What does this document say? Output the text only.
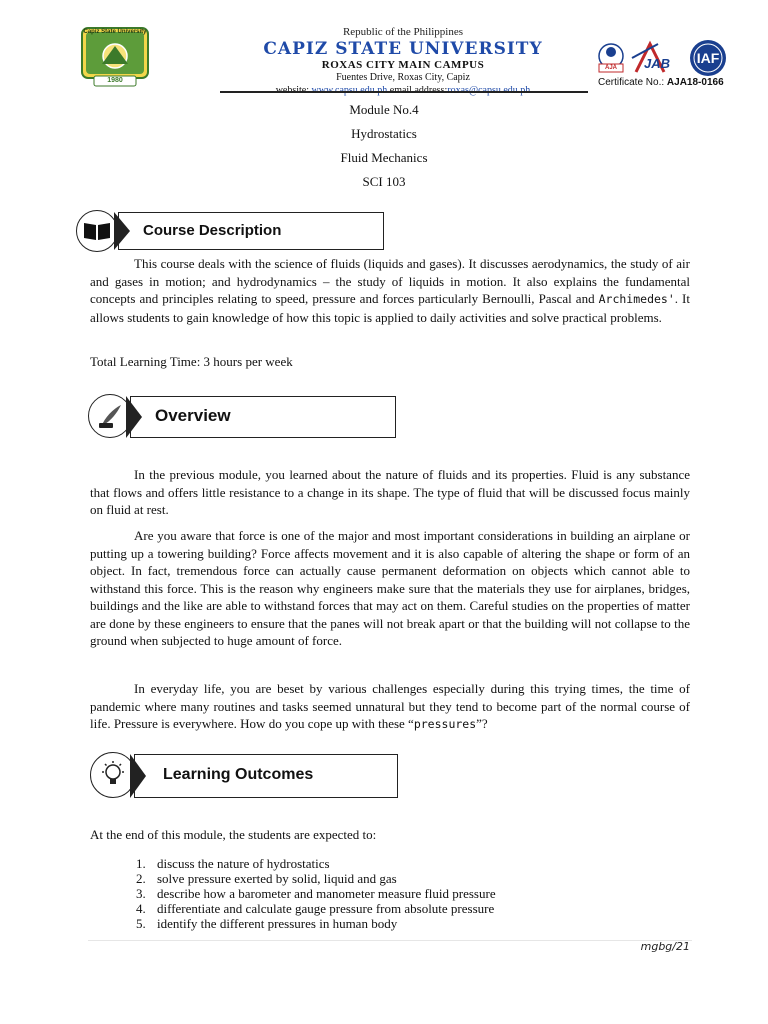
Capiz State University
1980
Republic of the Philippines
CAPIZ STATE UNIVERSITY
ROXAS CITY MAIN CAMPUS
Fuentes Drive, Roxas City, Capiz
AJA	JAB	IAF
Certificate No.: AJA18-0166
Module No.4
Hydrostatics
Fluid Mechanics
SCI 103
Course Description
This course deals with the science of fluids (liquids and gases). It discusses aerodynamics, the study of air and gases in motion; and hydrodynamics – the study of liquids in motion. It also explains the fundamental concepts and principles relating to speed, pressure and forces particularly Bernoulli, Pascal and Archimedes'. It allows students to gain knowledge of how this topic is applied to daily activities and solve practical problems.
Total Learning Time: 3 hours per week
Overview
In the previous module, you learned about the nature of fluids and its properties. Fluid is any substance that flows and offers little resistance to a change in its shape. The type of fluid that will be discussed focus mainly on fluid at rest.
Are you aware that force is one of the major and most important considerations in building an airplane or putting up a towering building? Force affects movement and it is also capable of altering the shape or form of an object. In fact, tremendous force can actually cause permanent deformation on objects which cannot able to withstand this force. This is the reason why engineers make sure that the materials they use for airplanes, bridges, buildings and the like are able to withstand forces that may act on them. Careful studies on the properties of matter are done by these engineers to ensure that the panes will not break apart or that the building will not collapse to the ground when subjected to huge amount of force.
In everyday life, you are beset by various challenges especially during this trying times, the time of pandemic where many routines and tasks seemed unnatural but they tend to become part of the normal course of life. Pressure is everywhere. How do you cope up with these “pressures”?
Learning Outcomes
At the end of this module, the students are expected to:
1. discuss the nature of hydrostatics
2. solve pressure exerted by solid, liquid and gas
3. describe how a barometer and manometer measure fluid pressure
4. differentiate and calculate gauge pressure from absolute pressure
5. identify the different pressures in human body
mgbg/21
